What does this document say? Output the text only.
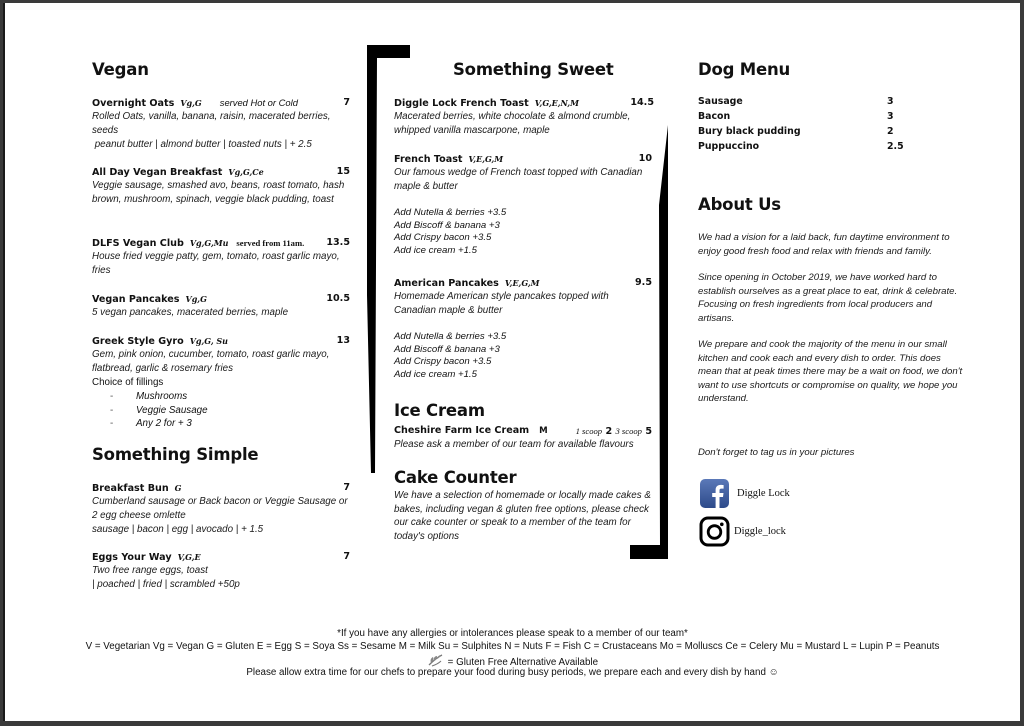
Vegan
Overnight Oats Vg,G served Hot or Cold	7
Rolled Oats, vanilla, banana, raisin, macerated berries, seeds
peanut butter | almond butter | toasted nuts | + 2.5
All Day Vegan Breakfast Vg,G,Ce	15
Veggie sausage, smashed avo, beans, roast tomato, hash brown, mushroom, spinach, veggie black pudding, toast
DLFS Vegan Club Vg,G,Mu served from 11am. 13.5
House fried veggie patty, gem, tomato, roast garlic mayo, fries
Vegan Pancakes Vg,G	10.5
5 vegan pancakes, macerated berries, maple
Greek Style Gyro Vg,G, Su	13
Gem, pink onion, cucumber, tomato, roast garlic mayo, flatbread, garlic & rosemary fries
Choice of fillings
- Mushrooms
- Veggie Sausage
- Any 2 for + 3
Something Simple
Breakfast Bun G	7
Cumberland sausage or Back bacon or Veggie Sausage or 2 egg cheese omlette
sausage | bacon | egg | avocado | + 1.5
Eggs Your Way V,G,E	7
Two free range eggs, toast
| poached | fried | scrambled +50p
Something Sweet
Diggle Lock French Toast V,G,E,N,M	14.5
Macerated berries, white chocolate & almond crumble, whipped vanilla mascarpone, maple
French Toast V,E,G,M	10
Our famous wedge of French toast topped with Canadian maple & butter
Add Nutella & berries +3.5
Add Biscoff & banana +3
Add Crispy bacon +3.5
Add ice cream +1.5
American Pancakes V,E,G,M	9.5
Homemade American style pancakes topped with Canadian maple & butter
Add Nutella & berries +3.5
Add Biscoff & banana +3
Add Crispy bacon +3.5
Add ice cream +1.5
Ice Cream
Cheshire Farm Ice Cream M	1 scoop 2 3 scoop 5
Please ask a member of our team for available flavours
Cake Counter
We have a selection of homemade or locally made cakes & bakes, including vegan & gluten free options, please check our cake counter or speak to a member of the team for today's options
Dog Menu
Sausage	3
Bacon	3
Bury black pudding	2
Puppuccino	2.5
About Us

We had a vision for a laid back, fun daytime environment to enjoy good fresh food and relax with friends and family.

Since opening in October 2019, we have worked hard to establish ourselves as a great place to eat, drink & celebrate. Focusing on fresh ingredients from local producers and artisans.

We prepare and cook the majority of the menu in our small kitchen and cook each and every dish to order. This does mean that at peak times there may be a wait on food, we don't want to use shortcuts or compromise on quality, we hope you understand.

Don't forget to tag us in your pictures
Diggle Lock
Diggle_lock
*If you have any allergies or intolerances please speak to a member of our team*
V = Vegetarian Vg = Vegan G = Gluten E = Egg S = Soya Ss = Sesame M = Milk Su = Sulphites N = Nuts F = Fish C = Crustaceans Mo = Molluscs Ce = Celery Mu = Mustard L = Lupin P = Peanuts
= Gluten Free Alternative Available
Please allow extra time for our chefs to prepare your food during busy periods, we prepare each and every dish by hand ☺
